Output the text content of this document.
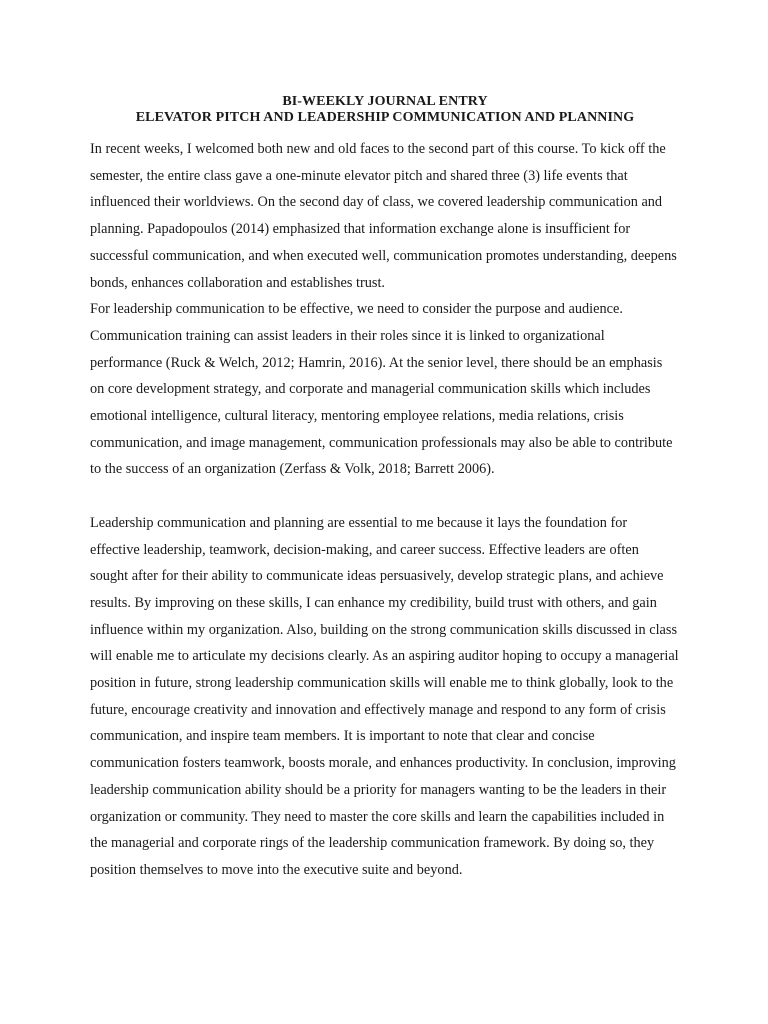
BI-WEEKLY JOURNAL ENTRY

ELEVATOR PITCH AND LEADERSHIP COMMUNICATION AND PLANNING

In recent weeks, I welcomed both new and old faces to the second part of this course. To kick off the semester, the entire class gave a one-minute elevator pitch and shared three (3) life events that influenced their worldviews. On the second day of class, we covered leadership communication and planning. Papadopoulos (2014) emphasized that information exchange alone is insufficient for successful communication, and when executed well, communication promotes understanding, deepens bonds, enhances collaboration and establishes trust.

For leadership communication to be effective, we need to consider the purpose and audience. Communication training can assist leaders in their roles since it is linked to organizational performance (Ruck & Welch, 2012; Hamrin, 2016). At the senior level, there should be an emphasis on core development strategy, and corporate and managerial communication skills which includes emotional intelligence, cultural literacy, mentoring employee relations, media relations, crisis communication, and image management, communication professionals may also be able to contribute to the success of an organization (Zerfass & Volk, 2018; Barrett 2006).

Leadership communication and planning are essential to me because it lays the foundation for effective leadership, teamwork, decision-making, and career success. Effective leaders are often sought after for their ability to communicate ideas persuasively, develop strategic plans, and achieve results. By improving on these skills, I can enhance my credibility, build trust with others, and gain influence within my organization. Also, building on the strong communication skills discussed in class will enable me to articulate my decisions clearly. As an aspiring auditor hoping to occupy a managerial position in future, strong leadership communication skills will enable me to think globally, look to the future, encourage creativity and innovation and effectively manage and respond to any form of crisis communication, and inspire team members. It is important to note that clear and concise communication fosters teamwork, boosts morale, and enhances productivity. In conclusion, improving leadership communication ability should be a priority for managers wanting to be the leaders in their organization or community. They need to master the core skills and learn the capabilities included in the managerial and corporate rings of the leadership communication framework. By doing so, they position themselves to move into the executive suite and beyond.
